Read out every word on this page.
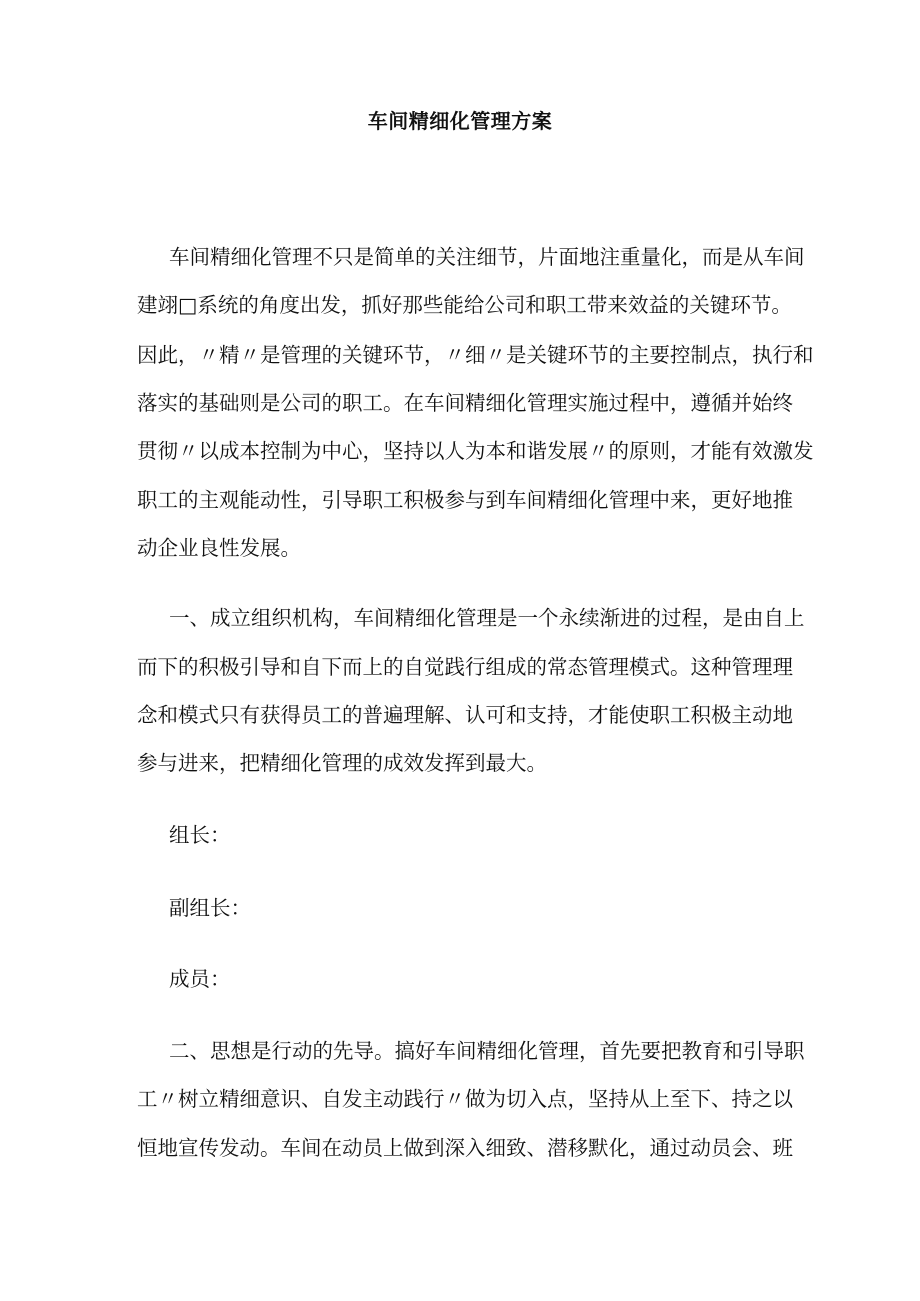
车间精细化管理方案
车间精细化管理不只是简单的关注细节，片面地注重量化，而是从车间
建翊□系统的角度出发，抓好那些能给公司和职工带来效益的关键环节。
因此，〃精〃是管理的关键环节，〃细〃是关键环节的主要控制点，执行和
落实的基础则是公司的职工。在车间精细化管理实施过程中，遵循并始终
贯彻〃以成本控制为中心，坚持以人为本和谐发展〃的原则，才能有效激发
职工的主观能动性，引导职工积极参与到车间精细化管理中来，更好地推
动企业良性发展。
一、成立组织机构，车间精细化管理是一个永续渐进的过程，是由自上
而下的积极引导和自下而上的自觉践行组成的常态管理模式。这种管理理
念和模式只有获得员工的普遍理解、认可和支持，才能使职工积极主动地
参与进来，把精细化管理的成效发挥到最大。
组长：
副组长：
成员：
二、思想是行动的先导。搞好车间精细化管理，首先要把教育和引导职
工〃树立精细意识、自发主动践行〃做为切入点，坚持从上至下、持之以
恒地宣传发动。车间在动员上做到深入细致、潜移默化，通过动员会、班
